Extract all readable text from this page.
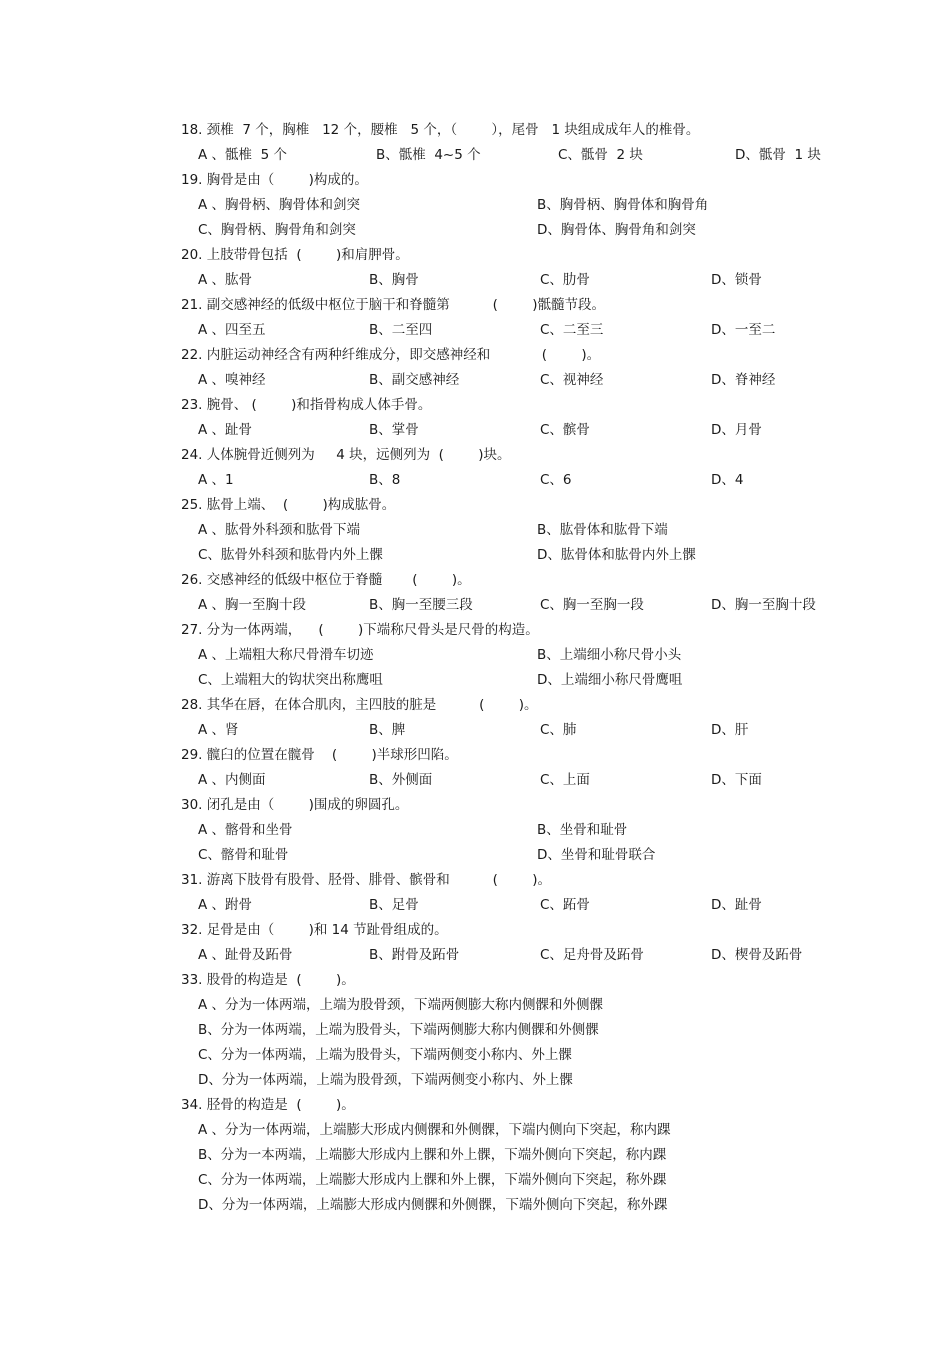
18. 颈椎  7 个，胸椎   12 个，腰椎   5 个，（        ），尾骨   1 块组成成年人的椎骨。
A 、骶椎  5 个	B、骶椎  4~5 个	C、骶骨  2 块	D、骶骨  1 块
19. 胸骨是由（        )构成的。
A 、胸骨柄、胸骨体和剑突	B、胸骨柄、胸骨体和胸骨角
C、胸骨柄、胸骨角和剑突	D、胸骨体、胸骨角和剑突
20. 上肢带骨包括  (        )和肩胛骨。
A 、肱骨	B、胸骨	C、肋骨	D、锁骨
21. 副交感神经的低级中枢位于脑干和脊髓第          (        )骶髓节段。
A 、四至五	B、二至四	C、二至三	D、一至二
22. 内脏运动神经含有两种纤维成分，即交感神经和            (        )。
A 、嗅神经	B、副交感神经	C、视神经	D、脊神经
23. 腕骨、 (        )和指骨构成人体手骨。
A 、趾骨	B、掌骨	C、髌骨	D、月骨
24. 人体腕骨近侧列为     4 块，远侧列为  (        )块。
A 、1	B、8	C、6	D、4
25. 肱骨上端、  (        )构成肱骨。
A 、肱骨外科颈和肱骨下端	B、肱骨体和肱骨下端
C、肱骨外科颈和肱骨内外上髁	D、肱骨体和肱骨内外上髁
26. 交感神经的低级中枢位于脊髓       (        )。
A 、胸一至胸十段	B、胸一至腰三段	C、胸一至胸一段	D、胸一至胸十段
27. 分为一体两端，    (        )下端称尺骨头是尺骨的构造。
A 、上端粗大称尺骨滑车切迹	B、上端细小称尺骨小头
C、上端粗大的钩状突出称鹰咀	D、上端细小称尺骨鹰咀
28. 其华在唇，在体合肌肉，主四肢的脏是          (        )。
A 、肾	B、脾	C、肺	D、肝
29. 髋臼的位置在髋骨    (        )半球形凹陷。
A 、内侧面	B、外侧面	C、上面	D、下面
30. 闭孔是由（        )围成的卵圆孔。
A 、髂骨和坐骨	B、坐骨和耻骨
C、髂骨和耻骨	D、坐骨和耻骨联合
31. 游离下肢骨有股骨、胫骨、腓骨、髌骨和          (        )。
A 、跗骨	B、足骨	C、跖骨	D、趾骨
32. 足骨是由（        )和 14 节趾骨组成的。
A 、趾骨及跖骨	B、跗骨及跖骨	C、足舟骨及跖骨	D、楔骨及跖骨
33. 股骨的构造是  (        )。
A 、分为一体两端，上端为股骨颈，下端两侧膨大称内侧髁和外侧髁
B、分为一体两端，上端为股骨头，下端两侧膨大称内侧髁和外侧髁
C、分为一体两端，上端为股骨头，下端两侧变小称内、外上髁
D、分为一体两端，上端为股骨颈，下端两侧变小称内、外上髁
34. 胫骨的构造是  (        )。
A 、分为一体两端，上端膨大形成内侧髁和外侧髁，下端内侧向下突起，称内踝
B、分为一本两端，上端膨大形成内上髁和外上髁，下端外侧向下突起，称内踝
C、分为一体两端，上端膨大形成内上髁和外上髁，下端外侧向下突起，称外踝
D、分为一体两端，上端膨大形成内侧髁和外侧髁，下端外侧向下突起，称外踝
